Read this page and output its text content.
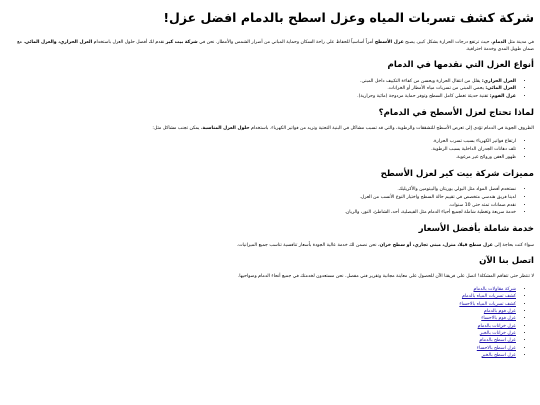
شركة كشف تسربات المياه وعزل اسطح بالدمام افضل عزل!

في مدينة مثل الدمام، حيث ترتفع درجات الحرارة بشكل كبير، يصبح عزل الأسطح أمراً أساسياً للحفاظ على راحة السكان وحماية المباني من أضرار الشمس والأمطار. نحن في شركة بيت كير نقدم لك أفضل حلول العزل باستخدام العزل الحراري، والعزل المائي، مع ضمان طويل المدى وخدمة احترافية.

أنواع العزل التي نقدمها في الدمام
• العزل الحراري: يقلل من انتقال الحرارة ويحسن من كفاءة التكييف داخل المبنى.
• العزل المائي: يحمي المبنى من تسربات مياه الأمطار أو الخزانات.
• عزل الفوم: تقنية حديثة تغطي كامل السطح وتوفر حماية مزدوجة (مائية وحرارية).
لماذا تحتاج لعزل الأسطح في الدمام؟

الظروف الجوية في الدمام تؤدي إلى تعرض الأسطح للتشققات والرطوبة، والتي قد تسبب مشاكل في البنية التحتية وتزيد من فواتير الكهرباء. باستخدام حلول العزل المناسبة، يمكن تجنب مشاكل مثل:

• ارتفاع فواتير الكهرباء بسبب تسرب الحرارة.
• تلف دهانات الجدران الداخلية بسبب الرطوبة.
• ظهور العفن وروائح غير مرغوبة.
مميزات شركة بيت كير لعزل الأسطح
• نستخدم أفضل المواد مثل البولي يوريثان والبيتومين والأكريليك.
• لدينا فريق هندسي متخصص في تقييم حالة السطح واختيار النوع الأنسب من العزل.
• نقدم ضمانات تمتد حتى 10 سنوات.
• خدمة سريعة وتغطية شاملة لجميع أحياء الدمام مثل الفيصلية، أحد، الشاطئ، النور، والريان.
خدمة شاملة بأفضل الأسعار

سواء كنت بحاجة إلى عزل سطح فيلا، منزل، مبنى تجاري، أو سطح خزان، نحن نضمن لك خدمة عالية الجودة بأسعار تنافسية تناسب جميع الميزانيات.

اتصل بنا الآن

لا تنتظر حتى تتفاقم المشكلة! اتصل على فريقنا الآن للحصول على معاينة مجانية وتقرير فني مفصل. نحن مستعدون لخدمتك في جميع أنحاء الدمام وضواحيها.

• شركة مقاولات بالدمام
• كشف تسربات المياه بالدمام
• كشف تسربات المياه بالاحساء
• عزل فوم بالدمام
• عزل فوم بالاحساء
• عزل خزانات بالدمام
• عزل خزانات بالخبر
• عزل اسطح بالدمام
• عزل اسطح بالاحساء
• عزل اسطح بالخبر
